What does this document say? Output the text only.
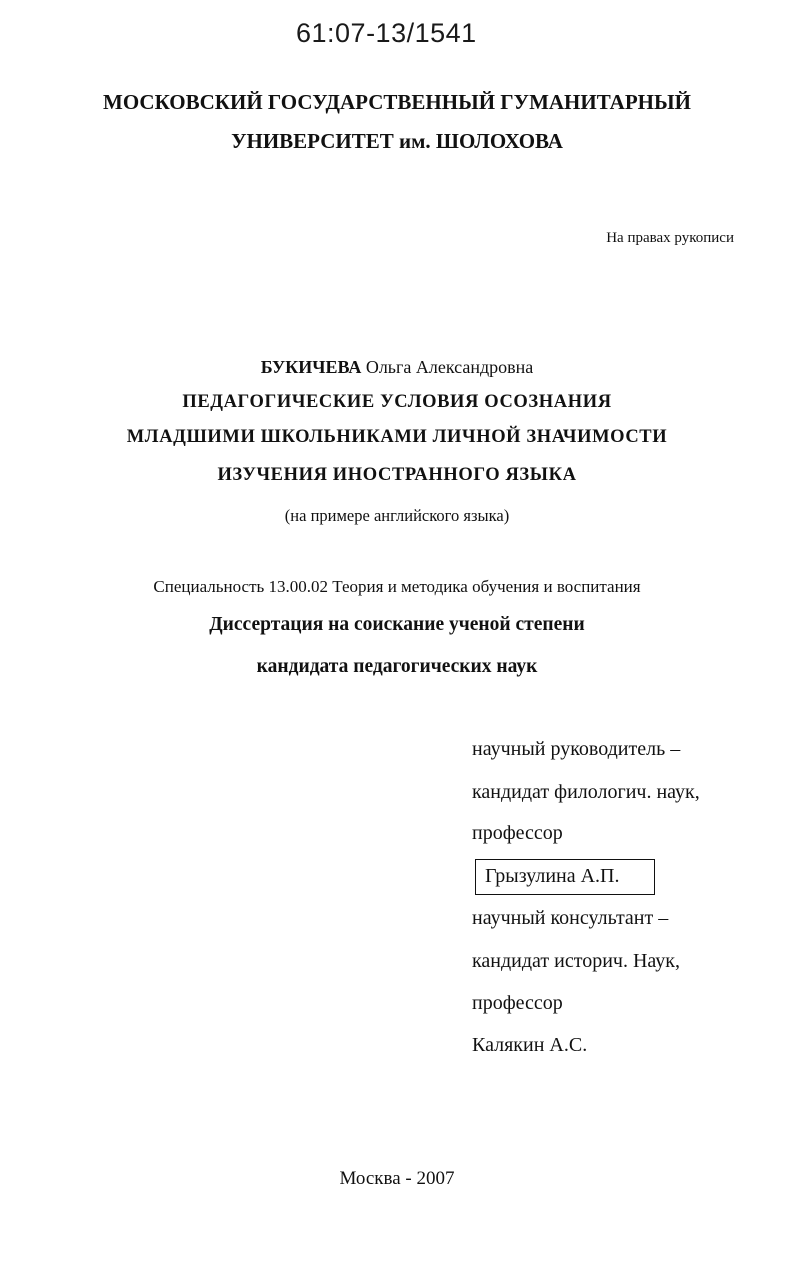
61:07-13/1541
МОСКОВСКИЙ ГОСУДАРСТВЕННЫЙ ГУМАНИТАРНЫЙ
УНИВЕРСИТЕТ им. ШОЛОХОВА
На правах рукописи
БУКИЧЕВА Ольга Александровна
ПЕДАГОГИЧЕСКИЕ УСЛОВИЯ ОСОЗНАНИЯ
МЛАДШИМИ ШКОЛЬНИКАМИ ЛИЧНОЙ ЗНАЧИМОСТИ
ИЗУЧЕНИЯ ИНОСТРАННОГО ЯЗЫКА
(на примере английского языка)
Специальность 13.00.02 Теория и методика обучения и воспитания
Диссертация на соискание ученой степени
кандидата педагогических наук
научный руководитель –
кандидат филологич. наук,
профессор
Грызулина А.П.
научный консультант –
кандидат историч. Наук,
профессор
Калякин А.С.
Москва - 2007
